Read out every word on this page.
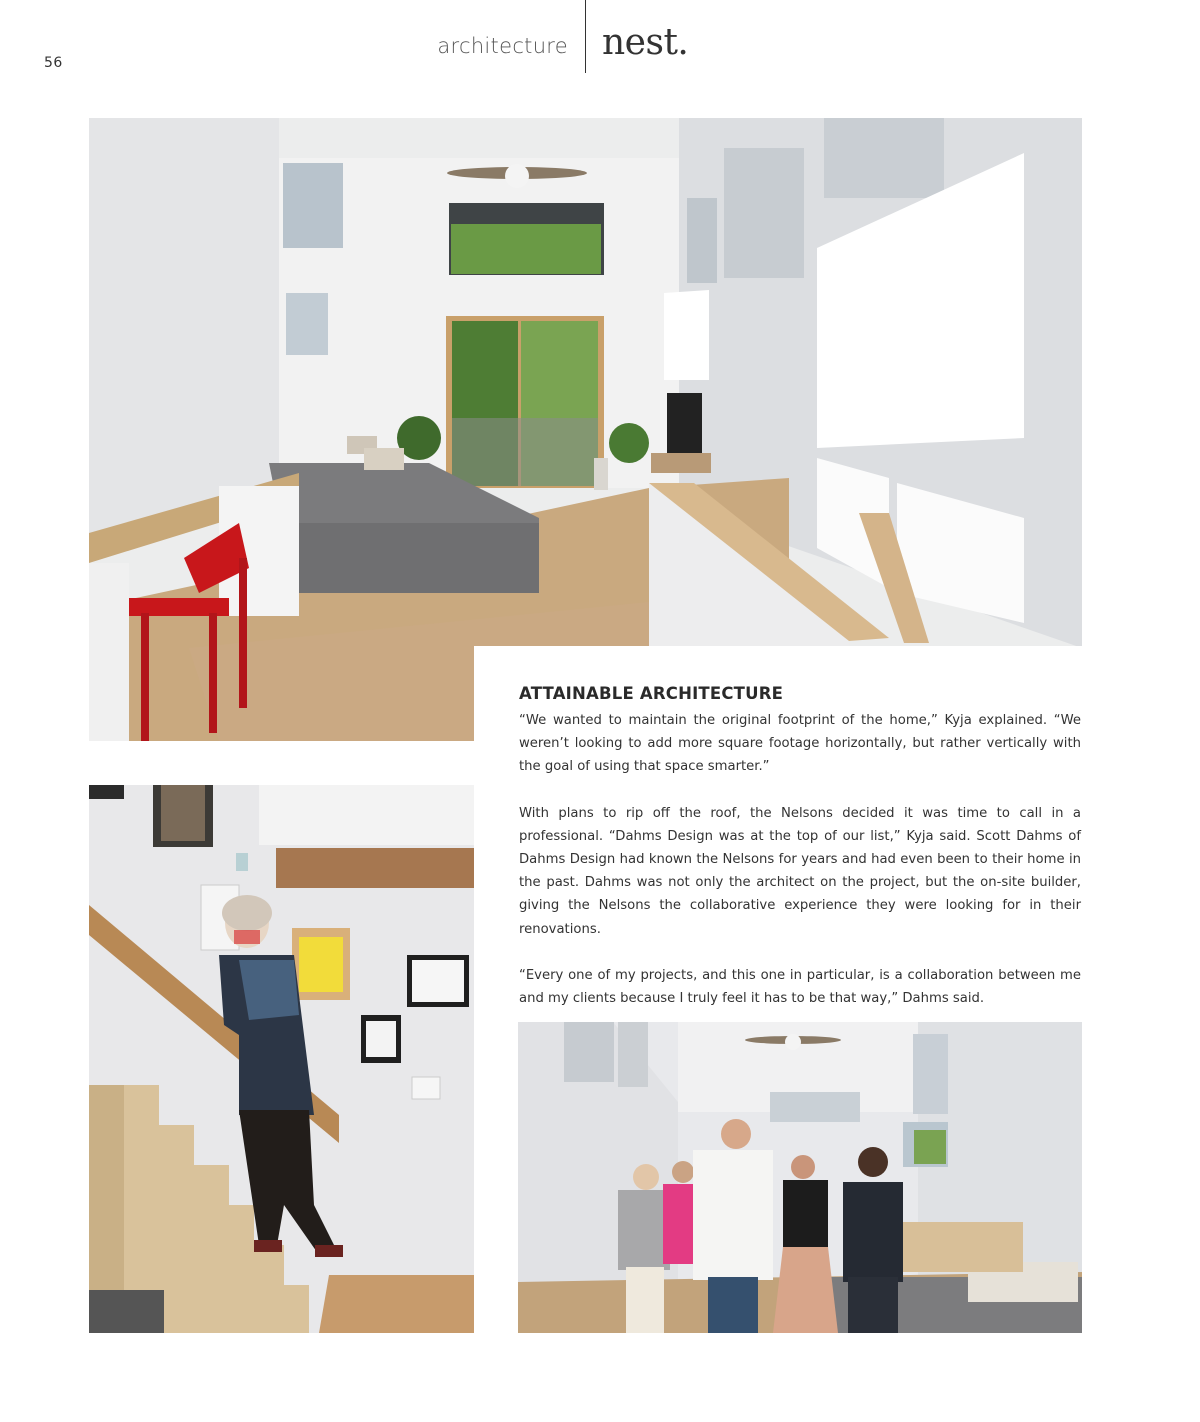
56
architecture nest.
ATTAINABLE ARCHITECTURE

“We wanted to maintain the original footprint of the home,” Kyja explained. “We weren’t looking to add more square footage horizontally, but rather vertically with the goal of using that space smarter.”

With plans to rip off the roof, the Nelsons decided it was time to call in a professional. “Dahms Design was at the top of our list,” Kyja said. Scott Dahms of Dahms Design had known the Nelsons for years and had even been to their home in the past. Dahms was not only the architect on the project, but the on-site builder, giving the Nelsons the collaborative experience they were looking for in their renovations.

“Every one of my projects, and this one in particular, is a collaboration between me and my clients because I truly feel it has to be that way,” Dahms said.
